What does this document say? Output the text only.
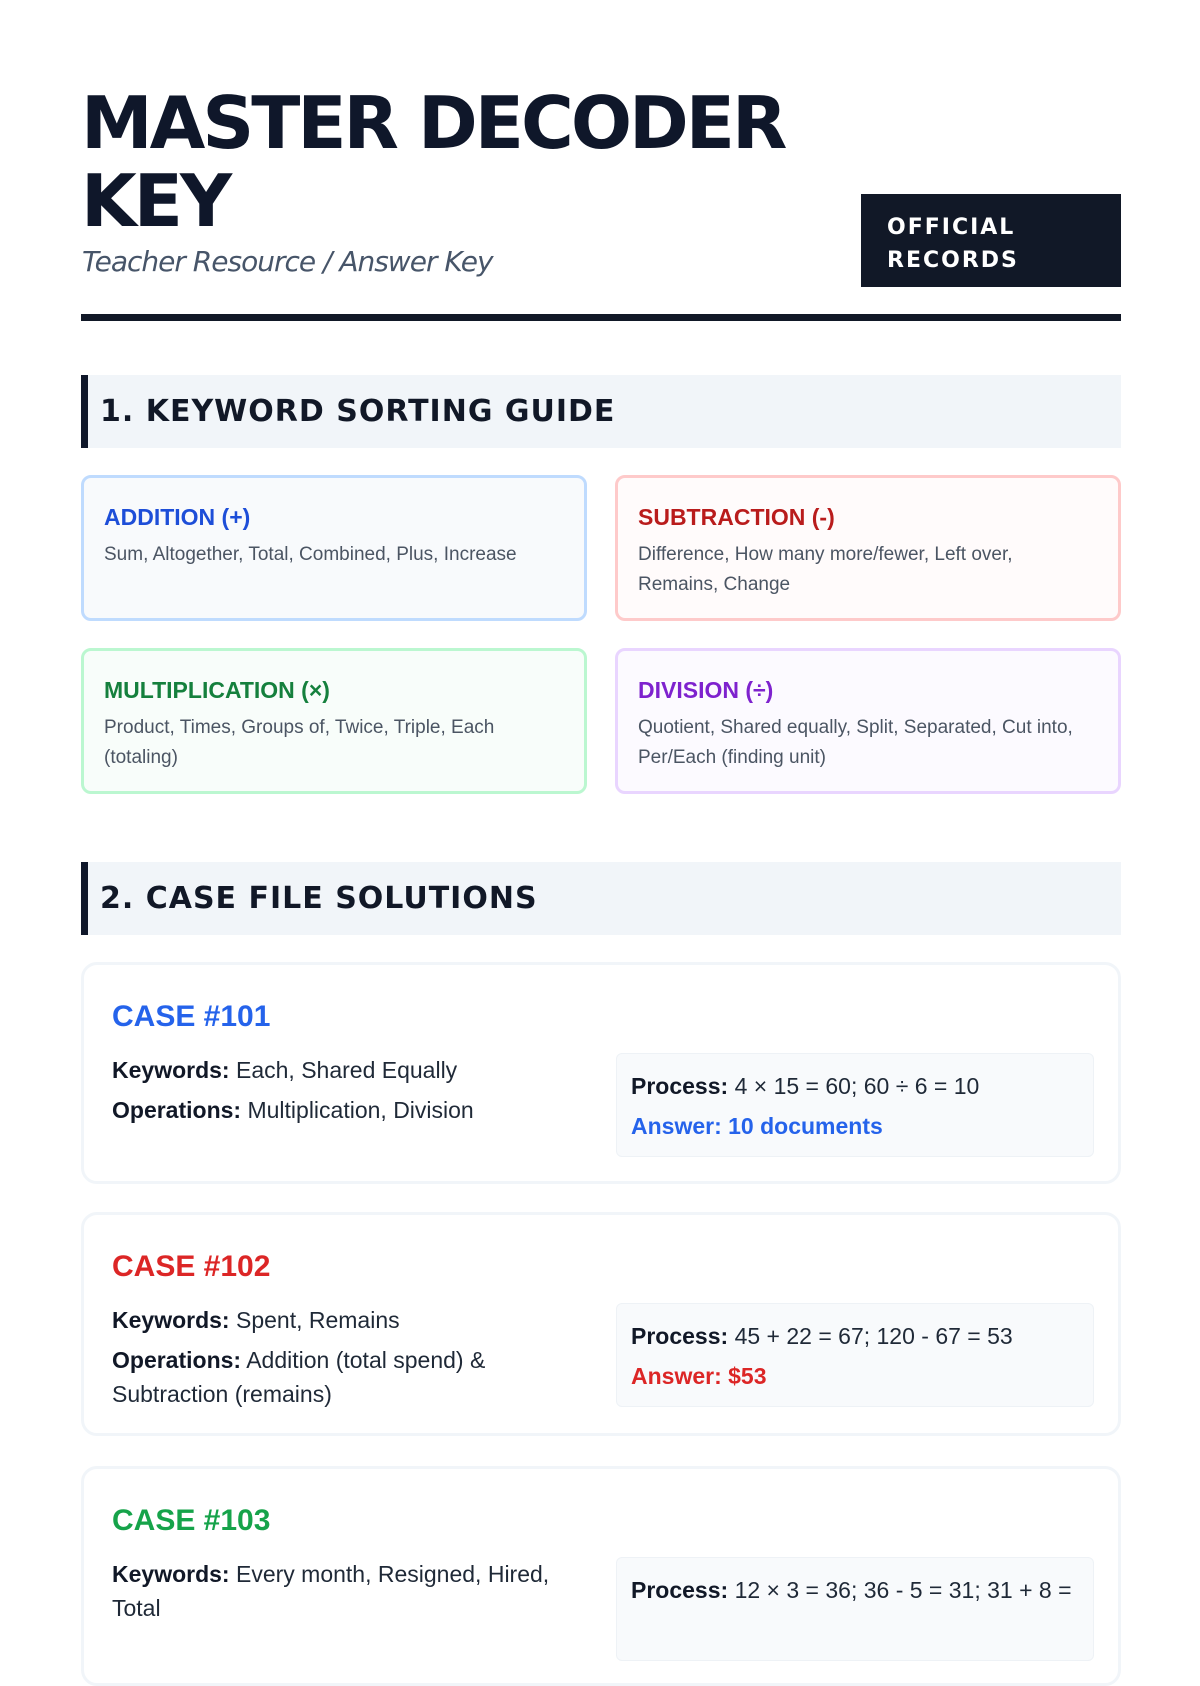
MASTER DECODER KEY
Teacher Resource / Answer Key
OFFICIAL RECORDS
1. KEYWORD SORTING GUIDE
ADDITION (+)
Sum, Altogether, Total, Combined, Plus, Increase
SUBTRACTION (-)
Difference, How many more/fewer, Left over, Remains, Change
MULTIPLICATION (×)
Product, Times, Groups of, Twice, Triple, Each (totaling)
DIVISION (÷)
Quotient, Shared equally, Split, Separated, Cut into, Per/Each (finding unit)
2. CASE FILE SOLUTIONS
CASE #101
Keywords: Each, Shared Equally
Operations: Multiplication, Division
Process: 4 × 15 = 60; 60 ÷ 6 = 10
Answer: 10 documents
CASE #102
Keywords: Spent, Remains
Operations: Addition (total spend) & Subtraction (remains)
Process: 45 + 22 = 67; 120 - 67 = 53
Answer: $53
CASE #103
Keywords: Every month, Resigned, Hired, Total
Process: 12 × 3 = 36; 36 - 5 = 31; 31 + 8 =
